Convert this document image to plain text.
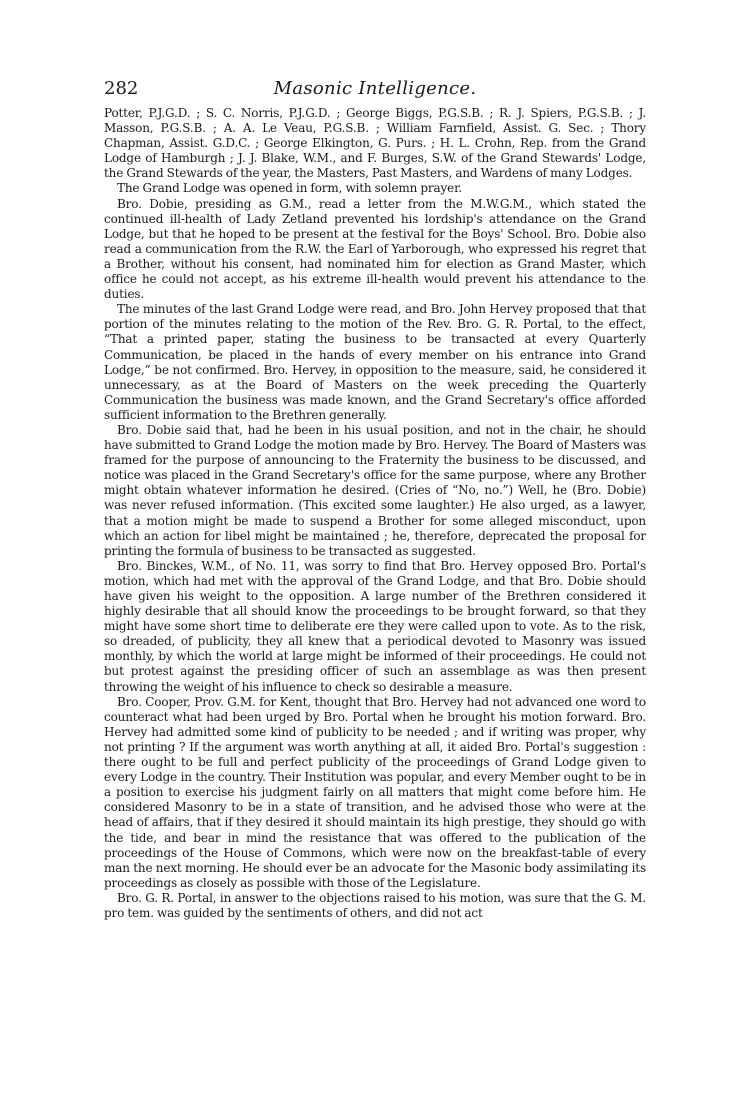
282	Masonic Intelligence.

Potter, P.J.G.D. ; S. C. Norris, P.J.G.D. ; George Biggs, P.G.S.B. ; R. J. Spiers, P.G.S.B. ; J. Masson, P.G.S.B. ; A. A. Le Veau, P.G.S.B. ; William Farnfield, Assist. G. Sec. ; Thory Chapman, Assist. G.D.C. ; George Elkington, G. Purs. ; H. L. Crohn, Rep. from the Grand Lodge of Hamburgh ; J. J. Blake, W.M., and F. Burges, S.W. of the Grand Stewards' Lodge, the Grand Stewards of the year, the Masters, Past Masters, and Wardens of many Lodges.

The Grand Lodge was opened in form, with solemn prayer.

Bro. Dobie, presiding as G.M., read a letter from the M.W.G.M., which stated the continued ill-health of Lady Zetland prevented his lordship's attendance on the Grand Lodge, but that he hoped to be present at the festival for the Boys' School. Bro. Dobie also read a communication from the R.W. the Earl of Yarborough, who expressed his regret that a Brother, without his consent, had nominated him for election as Grand Master, which office he could not accept, as his extreme ill-health would prevent his attendance to the duties.

The minutes of the last Grand Lodge were read, and Bro. John Hervey proposed that that portion of the minutes relating to the motion of the Rev. Bro. G. R. Portal, to the effect, “That a printed paper, stating the business to be transacted at every Quarterly Communication, be placed in the hands of every member on his entrance into Grand Lodge,” be not confirmed. Bro. Hervey, in opposition to the measure, said, he considered it unnecessary, as at the Board of Masters on the week preceding the Quarterly Communication the business was made known, and the Grand Secretary's office afforded sufficient information to the Brethren generally.

Bro. Dobie said that, had he been in his usual position, and not in the chair, he should have submitted to Grand Lodge the motion made by Bro. Hervey. The Board of Masters was framed for the purpose of announcing to the Fraternity the business to be discussed, and notice was placed in the Grand Secretary's office for the same purpose, where any Brother might obtain whatever information he desired. (Cries of “No, no.”) Well, he (Bro. Dobie) was never refused information. (This excited some laughter.) He also urged, as a lawyer, that a motion might be made to suspend a Brother for some alleged misconduct, upon which an action for libel might be maintained ; he, therefore, deprecated the proposal for printing the formula of business to be transacted as suggested.

Bro. Binckes, W.M., of No. 11, was sorry to find that Bro. Hervey opposed Bro. Portal's motion, which had met with the approval of the Grand Lodge, and that Bro. Dobie should have given his weight to the opposition. A large number of the Brethren considered it highly desirable that all should know the proceedings to be brought forward, so that they might have some short time to deliberate ere they were called upon to vote. As to the risk, so dreaded, of publicity, they all knew that a periodical devoted to Masonry was issued monthly, by which the world at large might be informed of their proceedings. He could not but protest against the presiding officer of such an assemblage as was then present throwing the weight of his influence to check so desirable a measure.

Bro. Cooper, Prov. G.M. for Kent, thought that Bro. Hervey had not advanced one word to counteract what had been urged by Bro. Portal when he brought his motion forward. Bro. Hervey had admitted some kind of publicity to be needed ; and if writing was proper, why not printing ? If the argument was worth anything at all, it aided Bro. Portal's suggestion : there ought to be full and perfect publicity of the proceedings of Grand Lodge given to every Lodge in the country. Their Institution was popular, and every Member ought to be in a position to exercise his judgment fairly on all matters that might come before him. He considered Masonry to be in a state of transition, and he advised those who were at the head of affairs, that if they desired it should maintain its high prestige, they should go with the tide, and bear in mind the resistance that was offered to the publication of the proceedings of the House of Commons, which were now on the breakfast-table of every man the next morning. He should ever be an advocate for the Masonic body assimilating its proceedings as closely as possible with those of the Legislature.

Bro. G. R. Portal, in answer to the objections raised to his motion, was sure that the G. M. pro tem. was guided by the sentiments of others, and did not act
